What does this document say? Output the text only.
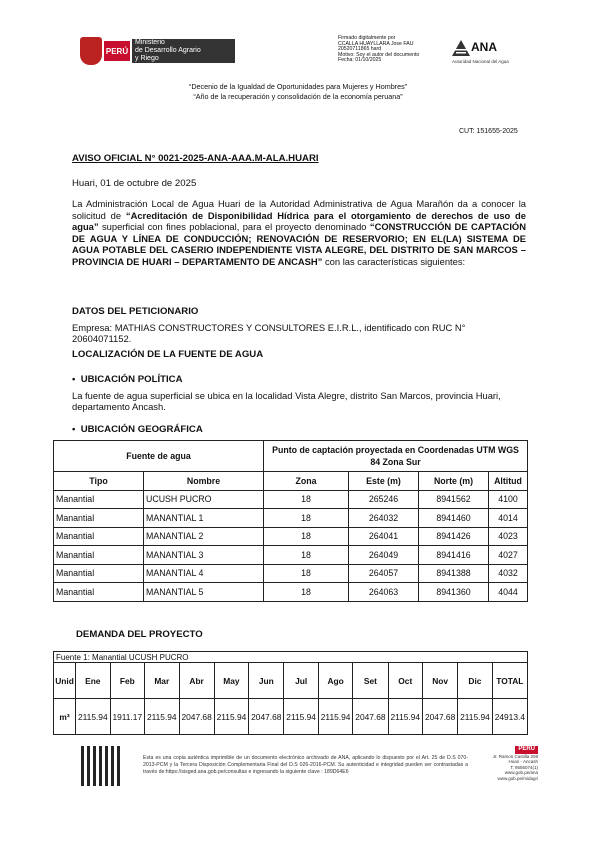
PERÚ
Ministerio
de Desarrollo Agrario
y Riego
Firmado digitalmente por
CCALLA HUAYLLARA Jose FAU
20520711865 hard
Motivo: Soy el autor del documento
Fecha: 01/10/2025
ANA
Autoridad Nacional del Agua
“Decenio de la Igualdad de Oportunidades para Mujeres y Hombres”
“Año de la recuperación y consolidación de la economía peruana”
CUT: 151655-2025
AVISO OFICIAL N° 0021-2025-ANA-AAA.M-ALA.HUARI
Huari, 01 de octubre de 2025
La Administración Local de Agua Huari de la Autoridad Administrativa de Agua Marañón da a conocer la solicitud de “Acreditación de Disponibilidad Hídrica para el otorgamiento de derechos de uso de agua” superficial con fines poblacional, para el proyecto denominado “CONSTRUCCIÓN DE CAPTACIÓN DE AGUA Y LÍNEA DE CONDUCCIÓN; RENOVACIÓN DE RESERVORIO; EN EL(LA) SISTEMA DE AGUA POTABLE DEL CASERIO INDEPENDIENTE VISTA ALEGRE, DEL DISTRITO DE SAN MARCOS – PROVINCIA DE HUARI – DEPARTAMENTO DE ANCASH” con las características siguientes:
DATOS DEL PETICIONARIO
Empresa: MATHIAS CONSTRUCTORES Y CONSULTORES E.I.R.L., identificado con RUC N° 20604071152.
LOCALIZACIÓN DE LA FUENTE DE AGUA
•  UBICACIÓN POLÍTICA
La fuente de agua superficial se ubica en la localidad Vista Alegre, distrito San Marcos, provincia Huari, departamento Ancash.
•  UBICACIÓN GEOGRÁFICA
Fuente de agua		Punto de captación proyectada en Coordenadas UTM WGS 84 Zona Sur			
Tipo	Nombre	Zona	Este (m)	Norte (m)	Altitud
Manantial	UCUSH PUCRO	18	265246	8941562	4100
Manantial	MANANTIAL 1	18	264032	8941460	4014
Manantial	MANANTIAL 2	18	264041	8941426	4023
Manantial	MANANTIAL 3	18	264049	8941416	4027
Manantial	MANANTIAL 4	18	264057	8941388	4032
Manantial	MANANTIAL 5	18	264063	8941360	4044
DEMANDA DEL PROYECTO
Fuente 1: Manantial UCUSH PUCRO													
Unid	Ene	Feb	Mar	Abr	May	Jun	Jul	Ago	Set	Oct	Nov	Dic	TOTAL
m³	2115.94	1911.17	2115.94	2047.68	2115.94	2047.68	2115.94	2115.94	2047.68	2115.94	2047.68	2115.94	24913.4
Esta es una copia auténtica imprimible de un documento electrónico archivado de ANA, aplicando lo dispuesto por el Art. 25 de D.S 070-2013-PCM y la Tercera Disposición Complementaria Final del D.S 026-2016-PCM. Su autenticidad e integridad pueden ser contrastadas a través de:https://sisged.ana.gob.pe/consultas e ingresando la siguiente clave : 189D64E6
PERÚ
Jr. Ramon Castilla 208
Huari - Ancash
T: 9556074(1)
www.gob.pe/ana
www.gob.pe/midagri
